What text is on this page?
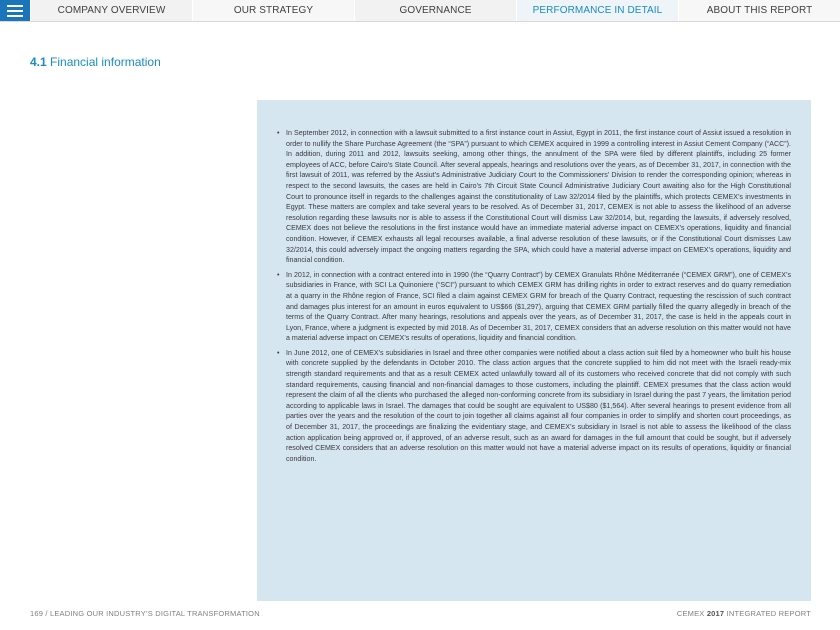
COMPANY OVERVIEW	OUR STRATEGY	GOVERNANCE	PERFORMANCE IN DETAIL	ABOUT THIS REPORT
4.1 Financial information
• In September 2012, in connection with a lawsuit submitted to a first instance court in Assiut, Egypt in 2011, the first instance court of Assiut issued a resolution in order to nullify the Share Purchase Agreement (the “SPA”) pursuant to which CEMEX acquired in 1999 a controlling interest in Assiut Cement Company (“ACC”). In addition, during 2011 and 2012, lawsuits seeking, among other things, the annulment of the SPA were filed by different plaintiffs, including 25 former employees of ACC, before Cairo’s State Council. After several appeals, hearings and resolutions over the years, as of December 31, 2017, in connection with the first lawsuit of 2011, was referred by the Assiut’s Administrative Judiciary Court to the Commissioners’ Division to render the corresponding opinion; whereas in respect to the second lawsuits, the cases are held in Cairo’s 7th Circuit State Council Administrative Judiciary Court awaiting also for the High Constitutional Court to pronounce itself in regards to the challenges against the constitutionality of Law 32/2014 filed by the plaintiffs, which protects CEMEX’s investments in Egypt. These matters are complex and take several years to be resolved. As of December 31, 2017, CEMEX is not able to assess the likelihood of an adverse resolution regarding these lawsuits nor is able to assess if the Constitutional Court will dismiss Law 32/2014, but, regarding the lawsuits, if adversely resolved, CEMEX does not believe the resolutions in the first instance would have an immediate material adverse impact on CEMEX’s operations, liquidity and financial condition. However, if CEMEX exhausts all legal recourses available, a final adverse resolution of these lawsuits, or if the Constitutional Court dismisses Law 32/2014, this could adversely impact the ongoing matters regarding the SPA, which could have a material adverse impact on CEMEX’s operations, liquidity and financial condition.
• In 2012, in connection with a contract entered into in 1990 (the “Quarry Contract”) by CEMEX Granulats Rhône Méditerranée (“CEMEX GRM”), one of CEMEX’s subsidiaries in France, with SCI La Quinoniere (“SCI”) pursuant to which CEMEX GRM has drilling rights in order to extract reserves and do quarry remediation at a quarry in the Rhône region of France, SCI filed a claim against CEMEX GRM for breach of the Quarry Contract, requesting the rescission of such contract and damages plus interest for an amount in euros equivalent to US$66 ($1,297), arguing that CEMEX GRM partially filled the quarry allegedly in breach of the terms of the Quarry Contract. After many hearings, resolutions and appeals over the years, as of December 31, 2017, the case is held in the appeals court in Lyon, France, where a judgment is expected by mid 2018. As of December 31, 2017, CEMEX considers that an adverse resolution on this matter would not have a material adverse impact on CEMEX’s results of operations, liquidity and financial condition.
• In June 2012, one of CEMEX’s subsidiaries in Israel and three other companies were notified about a class action suit filed by a homeowner who built his house with concrete supplied by the defendants in October 2010. The class action argues that the concrete supplied to him did not meet with the Israeli ready-mix strength standard requirements and that as a result CEMEX acted unlawfully toward all of its customers who received concrete that did not comply with such standard requirements, causing financial and non-financial damages to those customers, including the plaintiff. CEMEX presumes that the class action would represent the claim of all the clients who purchased the alleged non-conforming concrete from its subsidiary in Israel during the past 7 years, the limitation period according to applicable laws in Israel. The damages that could be sought are equivalent to US$80 ($1,564). After several hearings to present evidence from all parties over the years and the resolution of the court to join together all claims against all four companies in order to simplify and shorten court proceedings, as of December 31, 2017, the proceedings are finalizing the evidentiary stage, and CEMEX’s subsidiary in Israel is not able to assess the likelihood of the class action application being approved or, if approved, of an adverse result, such as an award for damages in the full amount that could be sought, but if adversely resolved CEMEX considers that an adverse resolution on this matter would not have a material adverse impact on its results of operations, liquidity or financial condition.
169 / LEADING OUR INDUSTRY’S DIGITAL TRANSFORMATION	CEMEX 2017 INTEGRATED REPORT
